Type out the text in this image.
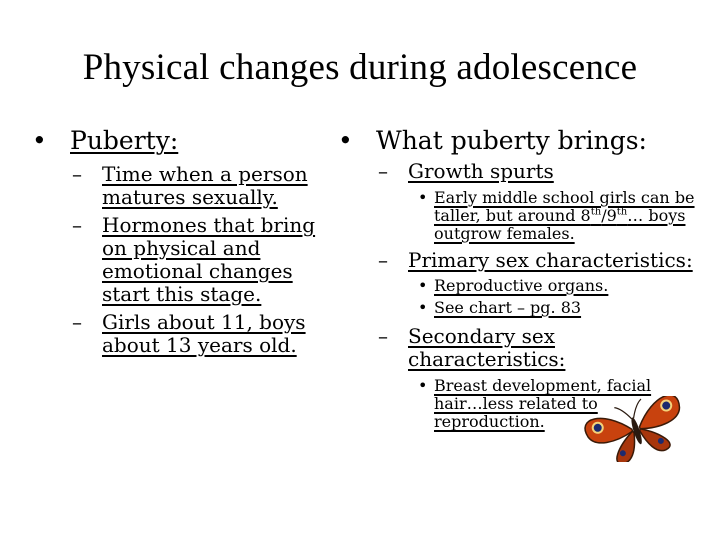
Physical changes during adolescence
• Puberty:
– Time when a person matures sexually.
– Hormones that bring on physical and emotional changes start this stage.
– Girls about 11, boys about 13 years old.
• What puberty brings:
– Growth spurts
• Early middle school girls can be taller, but around 8th/9th… boys outgrow females.
– Primary sex characteristics:
• Reproductive organs.
• See chart – pg. 83
– Secondary sex characteristics:
• Breast development, facial hair…less related to reproduction.
